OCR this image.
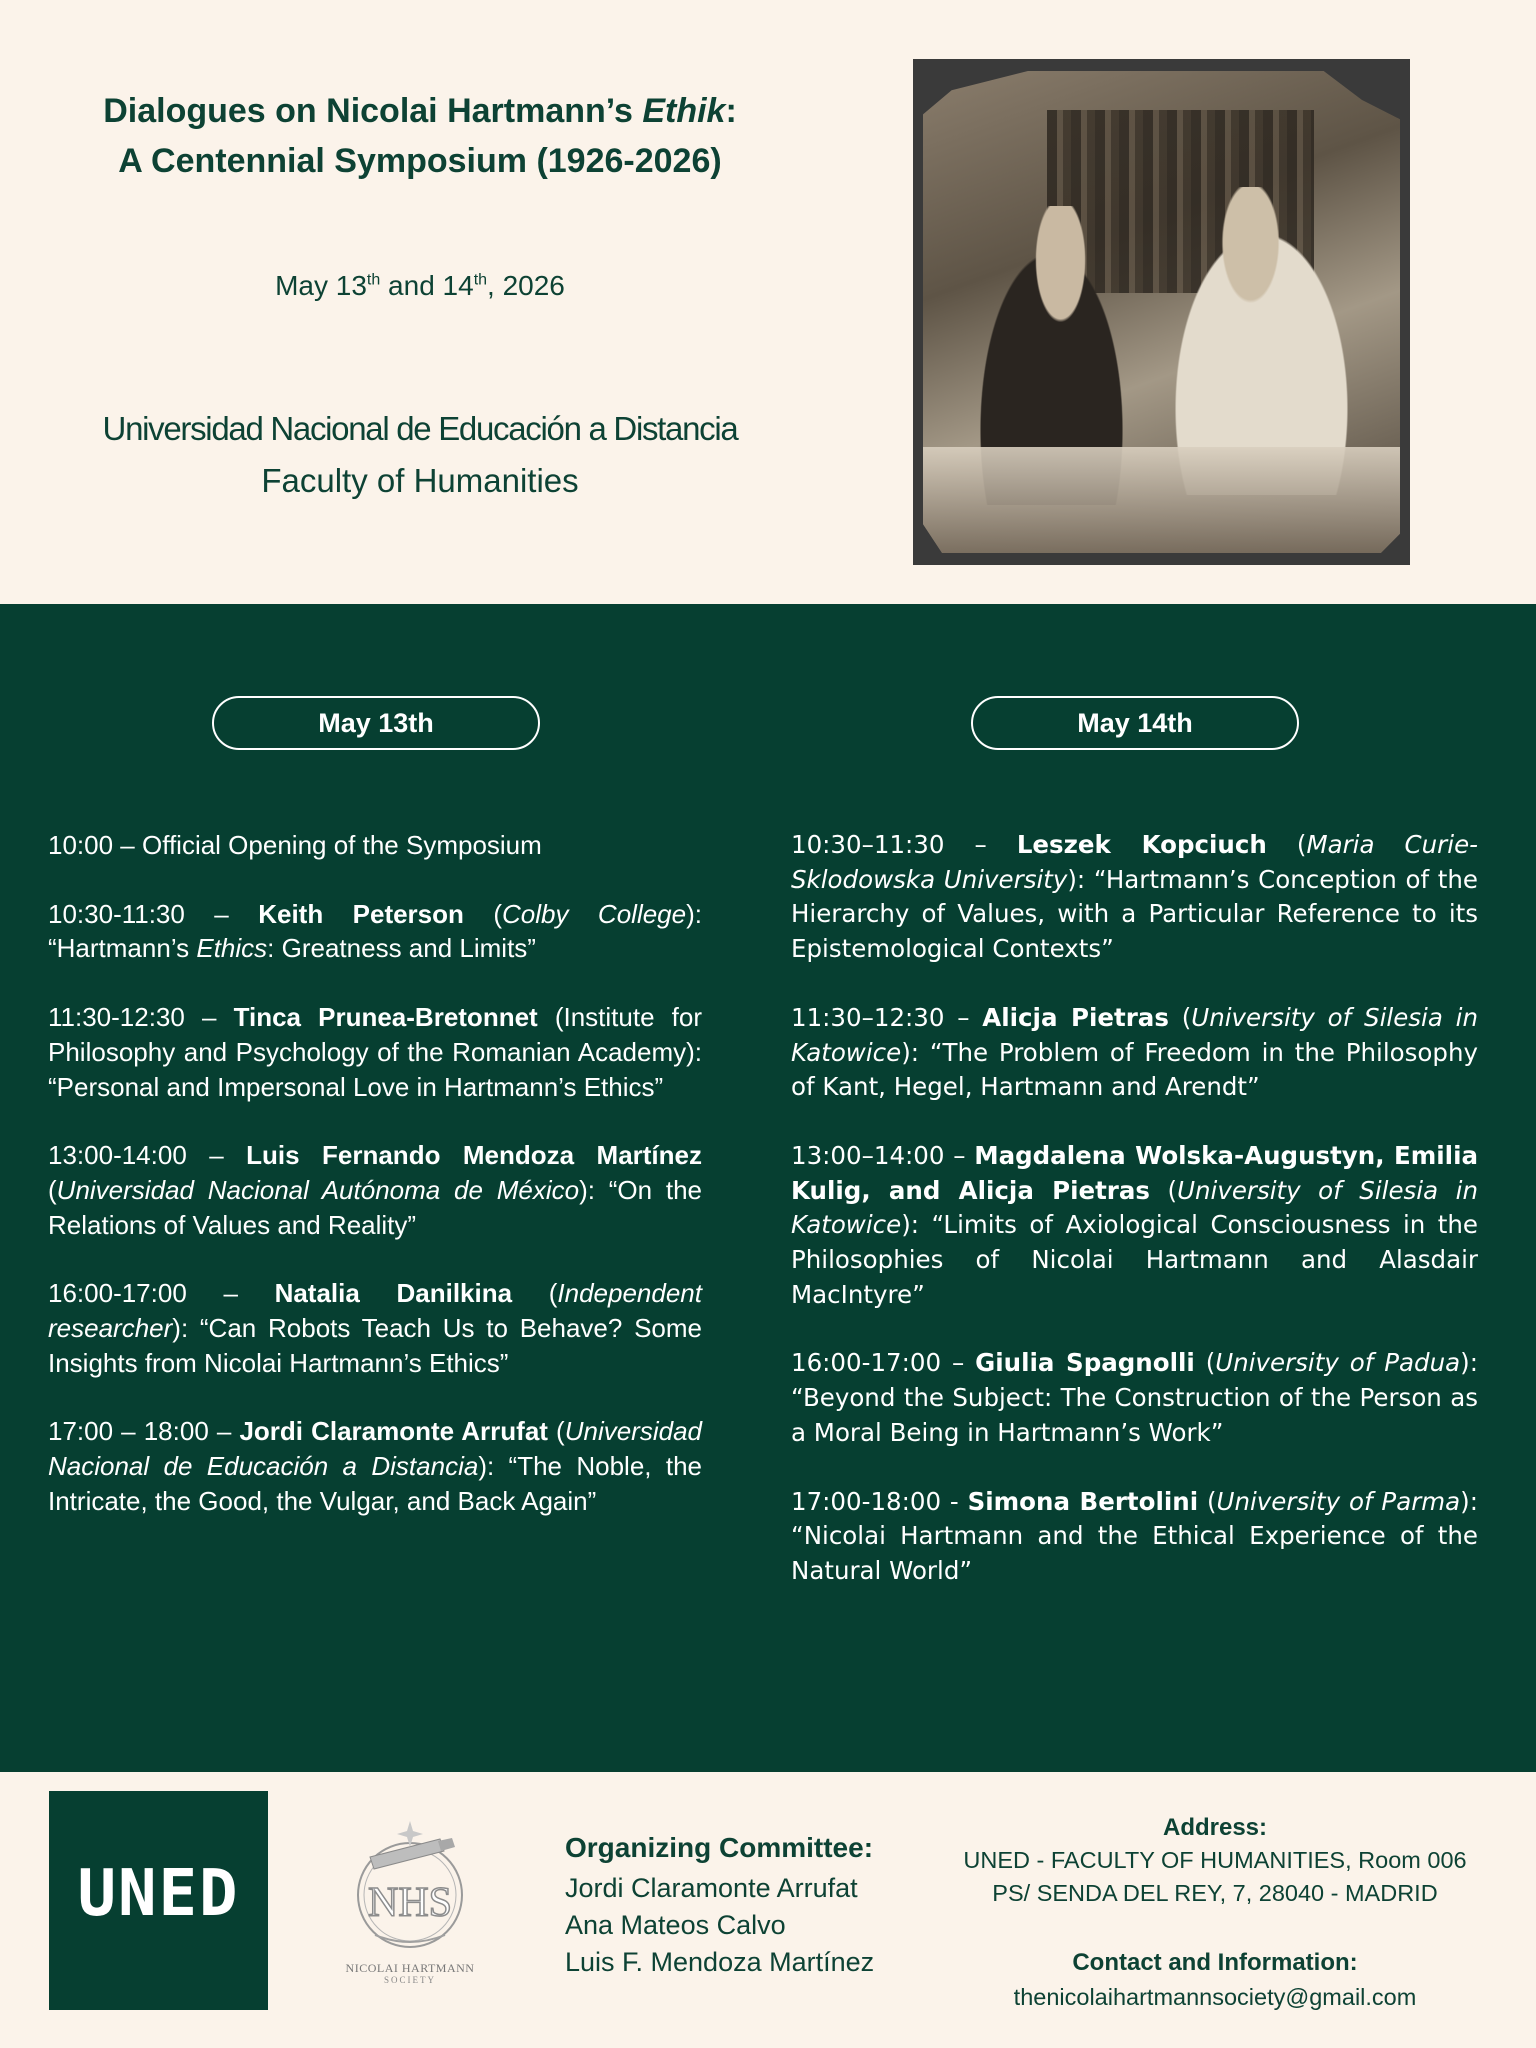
Dialogues on Nicolai Hartmann’s Ethik:
A Centennial Symposium (1926-2026)
May 13th and 14th, 2026
Universidad Nacional de Educación a Distancia
Faculty of Humanities
May 13th	May 14th

10:00 – Official Opening of the Symposium

10:30-11:30 – Keith Peterson (Colby College): “Hartmann’s Ethics: Greatness and Limits”

11:30-12:30 – Tinca Prunea-Bretonnet (Institute for Philosophy and Psychology of the Romanian Academy): “Personal and Impersonal Love in Hartmann’s Ethics”

13:00-14:00 – Luis Fernando Mendoza Martínez (Universidad Nacional Autónoma de México): “On the Relations of Values and Reality”

16:00-17:00 – Natalia Danilkina (Independent researcher): “Can Robots Teach Us to Behave? Some Insights from Nicolai Hartmann’s Ethics”

17:00 – 18:00 – Jordi Claramonte Arrufat (Universidad Nacional de Educación a Distancia): “The Noble, the Intricate, the Good, the Vulgar, and Back Again”

10:30–11:30 – Leszek Kopciuch (Maria Curie-Sklodowska University): “Hartmann’s Conception of the Hierarchy of Values, with a Particular Reference to its Epistemological Contexts”

11:30–12:30 – Alicja Pietras (University of Silesia in Katowice): “The Problem of Freedom in the Philosophy of Kant, Hegel, Hartmann and Arendt”

13:00–14:00 – Magdalena Wolska-Augustyn, Emilia Kulig, and Alicja Pietras (University of Silesia in Katowice): “Limits of Axiological Consciousness in the Philosophies of Nicolai Hartmann and Alasdair MacIntyre”

16:00-17:00 – Giulia Spagnolli (University of Padua): “Beyond the Subject: The Construction of the Person as a Moral Being in Hartmann’s Work”

17:00-18:00 - Simona Bertolini (University of Parma): “Nicolai Hartmann and the Ethical Experience of the Natural World”

UNED	NHS
NICOLAI HARTMANN
SOCIETY
Organizing Committee:
Jordi Claramonte Arrufat
Ana Mateos Calvo
Luis F. Mendoza Martínez
Address:
UNED - FACULTY OF HUMANITIES, Room 006
PS/ SENDA DEL REY, 7, 28040 - MADRID
Contact and Information:
thenicolaihartmannsociety@gmail.com
